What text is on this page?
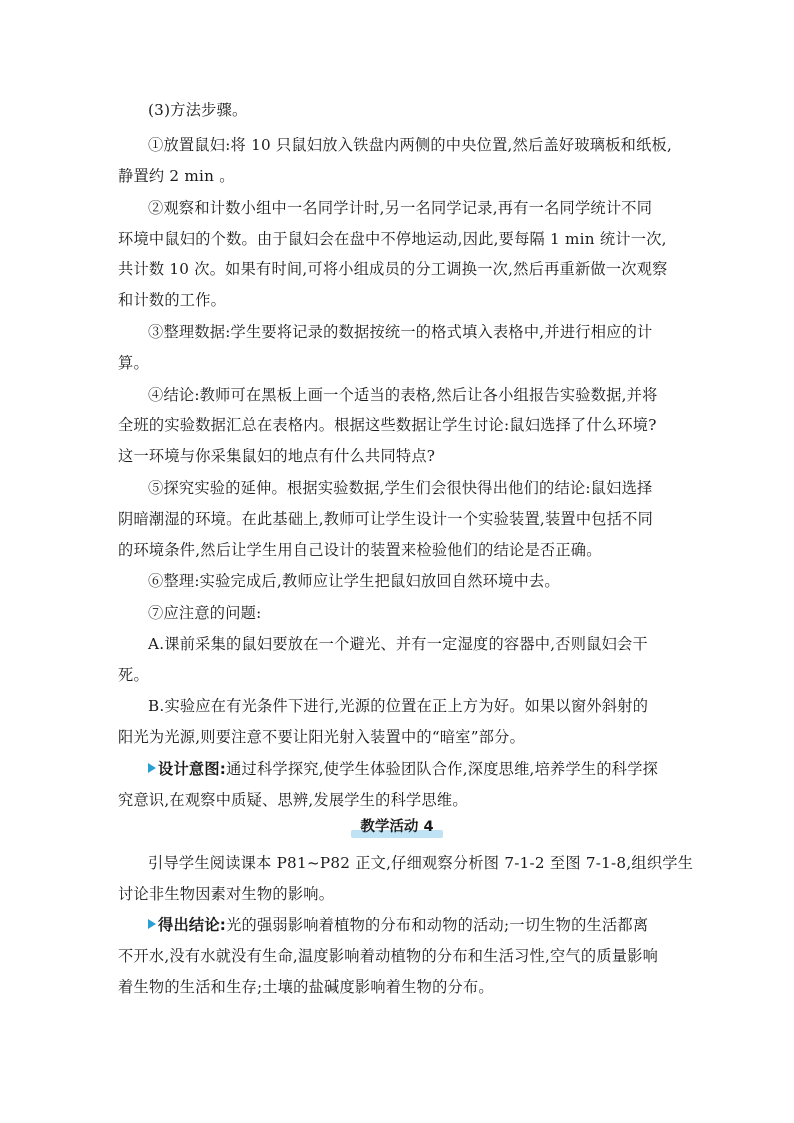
(3)方法步骤。
①放置鼠妇:将 10 只鼠妇放入铁盘内两侧的中央位置,然后盖好玻璃板和纸板,
静置约 2 min 。
②观察和计数小组中一名同学计时,另一名同学记录,再有一名同学统计不同
环境中鼠妇的个数。由于鼠妇会在盘中不停地运动,因此,要每隔 1 min 统计一次,
共计数 10 次。如果有时间,可将小组成员的分工调换一次,然后再重新做一次观察
和计数的工作。
③整理数据:学生要将记录的数据按统一的格式填入表格中,并进行相应的计
算。
④结论:教师可在黑板上画一个适当的表格,然后让各小组报告实验数据,并将
全班的实验数据汇总在表格内。根据这些数据让学生讨论:鼠妇选择了什么环境?
这一环境与你采集鼠妇的地点有什么共同特点?
⑤探究实验的延伸。根据实验数据,学生们会很快得出他们的结论:鼠妇选择
阴暗潮湿的环境。在此基础上,教师可让学生设计一个实验装置,装置中包括不同
的环境条件,然后让学生用自己设计的装置来检验他们的结论是否正确。
⑥整理:实验完成后,教师应让学生把鼠妇放回自然环境中去。
⑦应注意的问题:
A.课前采集的鼠妇要放在一个避光、并有一定湿度的容器中,否则鼠妇会干
死。
B.实验应在有光条件下进行,光源的位置在正上方为好。如果以窗外斜射的
阳光为光源,则要注意不要让阳光射入装置中的“暗室”部分。
设计意图:通过科学探究,使学生体验团队合作,深度思维,培养学生的科学探
究意识,在观察中质疑、思辨,发展学生的科学思维。
教学活动 4
引导学生阅读课本 P81~P82 正文,仔细观察分析图 7-1-2 至图 7-1-8,组织学生
讨论非生物因素对生物的影响。
得出结论:光的强弱影响着植物的分布和动物的活动;一切生物的生活都离
不开水,没有水就没有生命,温度影响着动植物的分布和生活习性,空气的质量影响
着生物的生活和生存;土壤的盐碱度影响着生物的分布。
